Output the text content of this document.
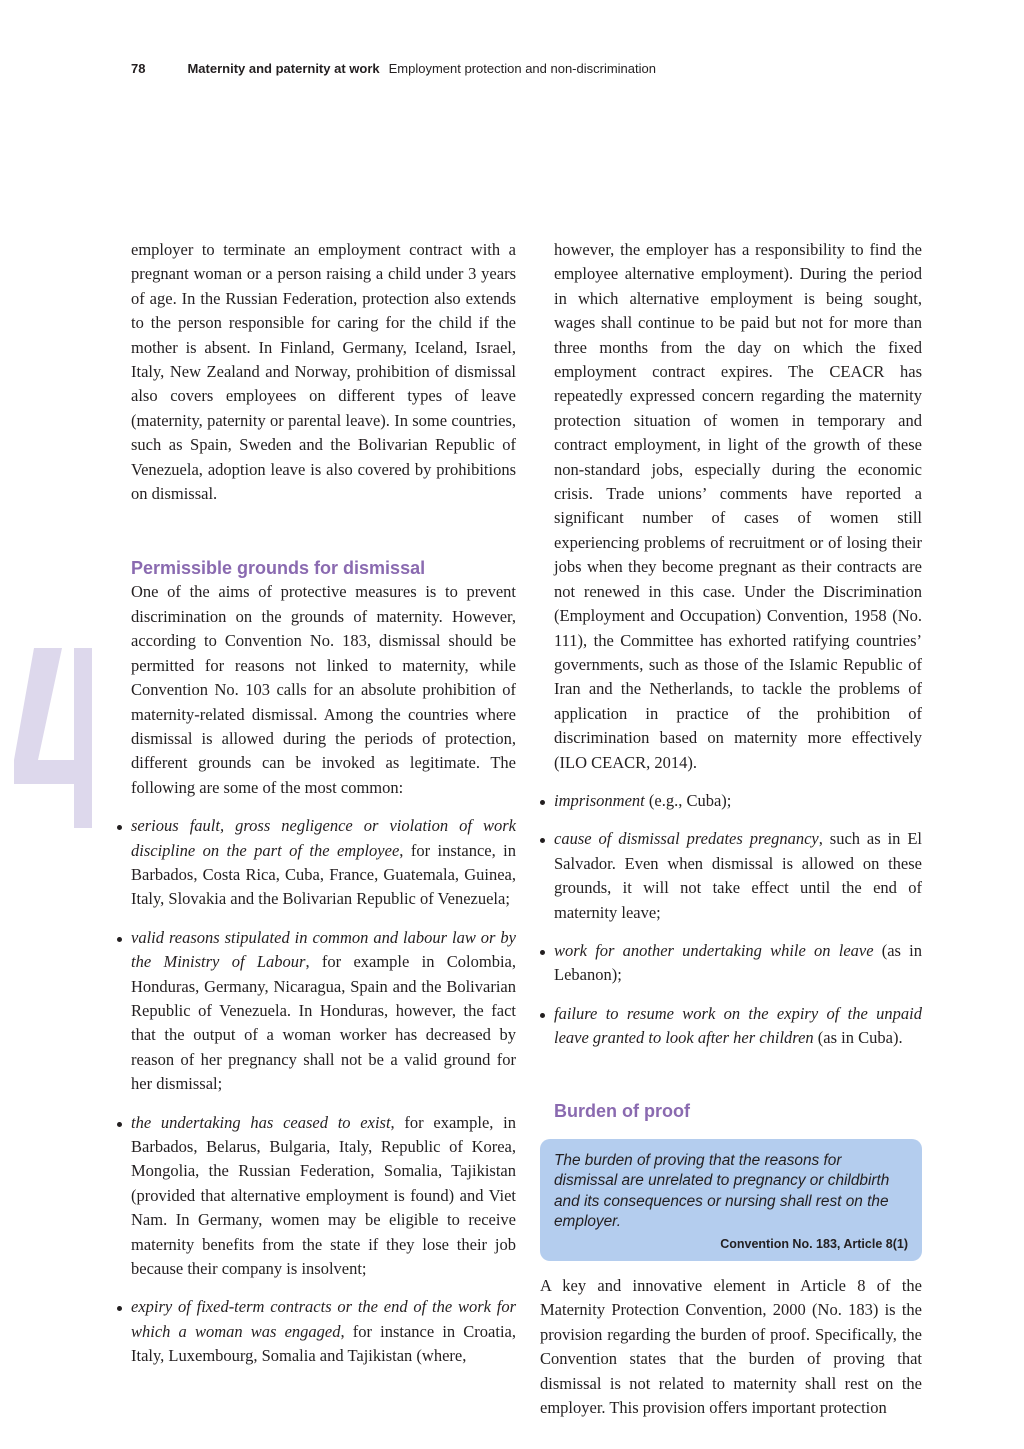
78	Maternity and paternity at work Employment protection and non-discrimination

employer to terminate an employment contract with a pregnant woman or a person raising a child under 3 years of age. In the Russian Federation, protection also extends to the person responsible for caring for the child if the mother is absent. In Finland, Germany, Iceland, Israel, Italy, New Zealand and Norway, prohibition of dismissal also covers employees on different types of leave (maternity, paternity or parental leave). In some countries, such as Spain, Sweden and the Bolivarian Republic of Venezuela, adoption leave is also covered by prohibitions on dismissal.

Permissible grounds for dismissal

One of the aims of protective measures is to prevent discrimination on the grounds of maternity. However, according to Convention No. 183, dismissal should be permitted for reasons not linked to maternity, while Convention No. 103 calls for an absolute prohibition of maternity-related dismissal. Among the countries where dismissal is allowed during the periods of protection, different grounds can be invoked as legitimate. The following are some of the most common:

serious fault, gross negligence or violation of work discipline on the part of the employee, for instance, in Barbados, Costa Rica, Cuba, France, Guatemala, Guinea, Italy, Slovakia and the Bolivarian Republic of Venezuela;
valid reasons stipulated in common and labour law or by the Ministry of Labour, for example in Colombia, Honduras, Germany, Nicaragua, Spain and the Bolivarian Republic of Venezuela. In Honduras, however, the fact that the output of a woman worker has decreased by reason of her pregnancy shall not be a valid ground for her dismissal;
the undertaking has ceased to exist, for example, in Barbados, Belarus, Bulgaria, Italy, Republic of Korea, Mongolia, the Russian Federation, Somalia, Tajikistan (provided that alternative employment is found) and Viet Nam. In Germany, women may be eligible to receive maternity benefits from the state if they lose their job because their company is insolvent;
expiry of fixed-term contracts or the end of the work for which a woman was engaged, for instance in Croatia, Italy, Luxembourg, Somalia and Tajikistan (where,

however, the employer has a responsibility to find the employee alternative employment). During the period in which alternative employment is being sought, wages shall continue to be paid but not for more than three months from the day on which the fixed employment contract expires. The CEACR has repeatedly expressed concern regarding the maternity protection situation of women in temporary and contract employment, in light of the growth of these non-standard jobs, especially during the economic crisis. Trade unions’ comments have reported a significant number of cases of women still experiencing problems of recruitment or of losing their jobs when they become pregnant as their contracts are not renewed in this case. Under the Discrimination (Employment and Occupation) Convention, 1958 (No. 111), the Committee has exhorted ratifying countries’ governments, such as those of the Islamic Republic of Iran and the Netherlands, to tackle the problems of application in practice of the prohibition of discrimination based on maternity more effectively (ILO CEACR, 2014).

imprisonment (e.g., Cuba);
cause of dismissal predates pregnancy, such as in El Salvador. Even when dismissal is allowed on these grounds, it will not take effect until the end of maternity leave;
work for another undertaking while on leave (as in Lebanon);
failure to resume work on the expiry of the unpaid leave granted to look after her children (as in Cuba).
Burden of proof
The burden of proving that the reasons for dismissal are unrelated to pregnancy or childbirth and its consequences or nursing shall rest on the employer.
Convention No. 183, Article 8(1)

A key and innovative element in Article 8 of the Maternity Protection Convention, 2000 (No. 183) is the provision regarding the burden of proof. Specifically, the Convention states that the burden of proving that dismissal is not related to maternity shall rest on the employer. This provision offers important protection
